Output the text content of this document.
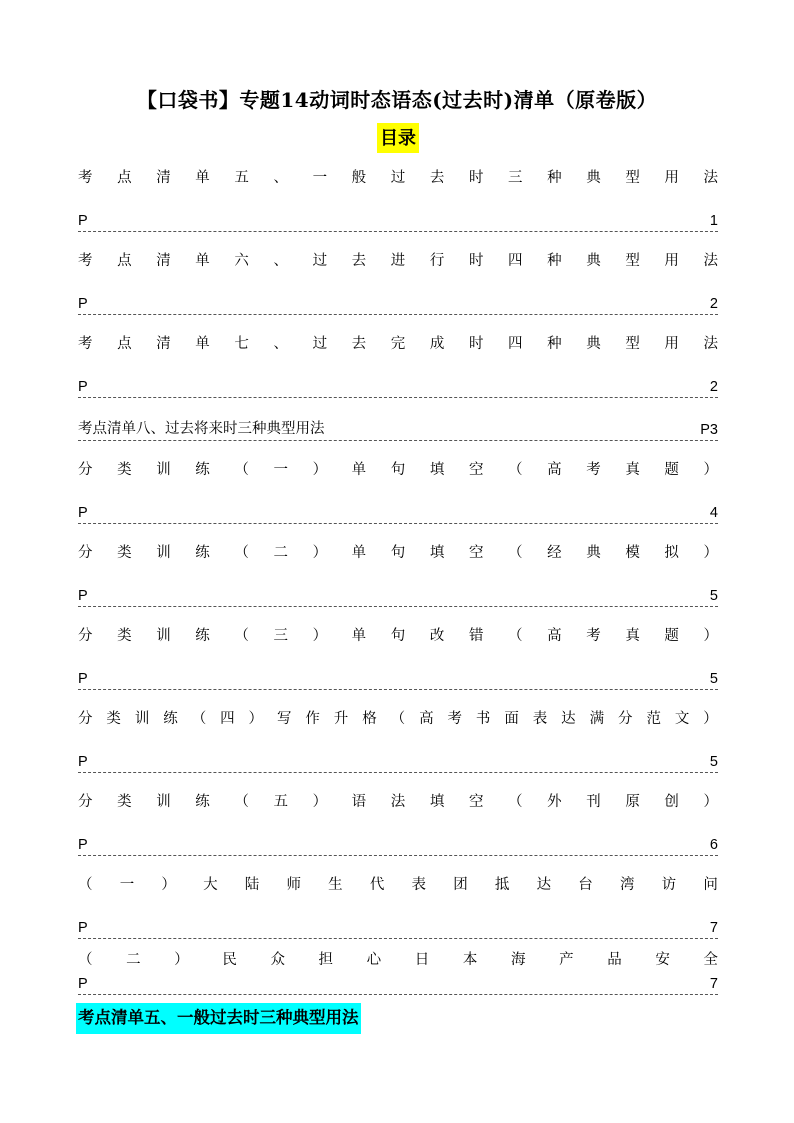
【口袋书】专题14动词时态语态(过去时)清单（原卷版）
目录
考 点 清 单 五 、 一 般 过 去 时 三 种 典 型 用 法
P	1
考 点 清 单 六 、 过 去 进 行 时 四 种 典 型 用 法
P	2
考 点 清 单 七 、 过 去 完 成 时 四 种 典 型 用 法
P	2
考点清单八、过去将来时三种典型用法	P3
分 类 训 练 （ 一 ） 单 句 填 空 （ 高 考 真 题 ）
P	4
分 类 训 练 （ 二 ） 单 句 填 空 （ 经 典 模 拟 ）
P	5
分 类 训 练 （ 三 ） 单 句 改 错 （ 高 考 真 题 ）
P	5
分 类 训 练 （ 四 ） 写 作 升 格 （ 高 考 书 面 表 达 满 分 范 文 ）
P	5
分 类 训 练 （ 五 ） 语 法 填 空 （ 外 刊 原 创 ）
P	6
（ 一 ） 大 陆 师 生 代 表 团 抵 达 台 湾 访 问
P	7
（ 二 ） 民 众 担 心 日 本 海 产 品 安 全
P	7
考点清单五、一般过去时三种典型用法
